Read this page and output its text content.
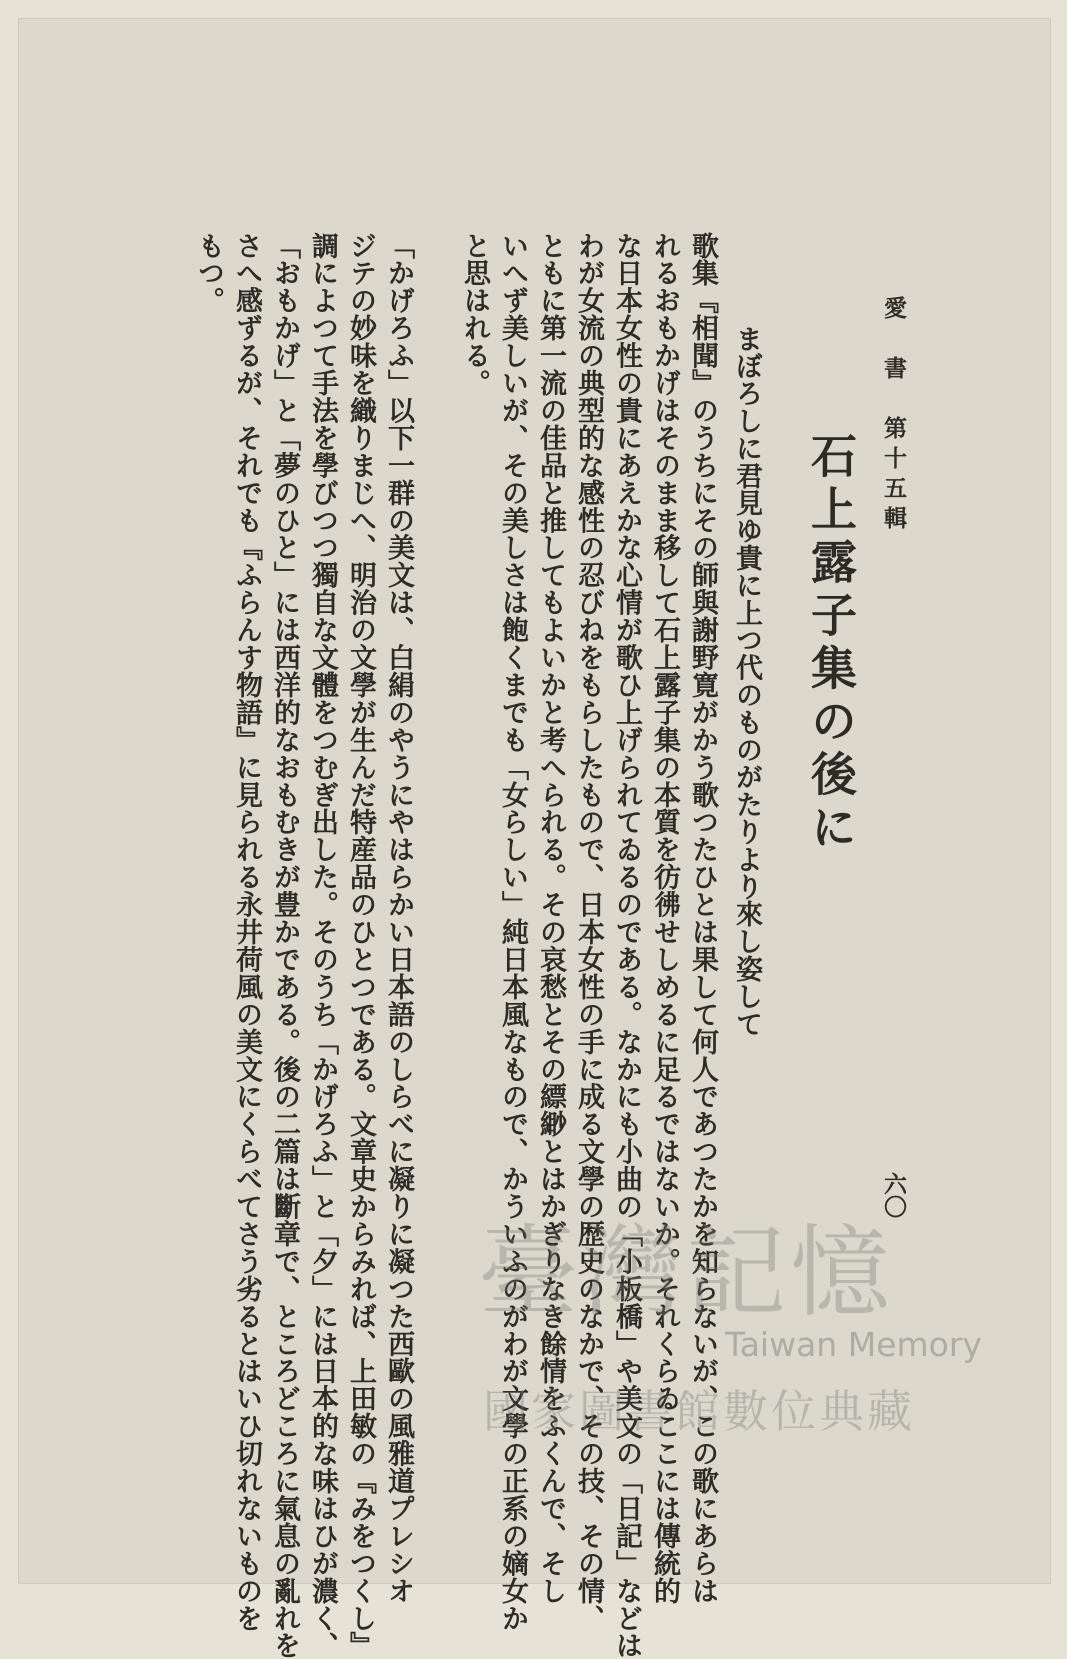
愛　書　第十五輯
六〇
石上露子集の後に
まぼろしに君見ゆ貴に上つ代のものがたりより來し姿して
歌集『相聞』のうちにその師與謝野寛がかう歌つたひとは果して何人であつたかを知らないが、この歌にあらは
れるおもかげはそのまま移して石上露子集の本質を彷彿せしめるに足るではないか。それくらゐここには傳統的
な日本女性の貴にあえかな心情が歌ひ上げられてゐるのである。なかにも小曲の「小板橋」や美文の「日記」などは
わが女流の典型的な感性の忍びねをもらしたもので、日本女性の手に成る文學の歴史のなかで、その技、その情、
ともに第一流の佳品と推してもよいかと考へられる。その哀愁とその縹緲とはかぎりなき餘情をふくんで、そし
いへず美しいが、その美しさは飽くまでも「女らしい」純日本風なもので、かういふのがわが文學の正系の嫡女か
と思はれる。
「かげろふ」以下一群の美文は、白絹のやうにやはらかい日本語のしらべに凝りに凝つた西歐の風雅道プレシオ
ジテの妙味を織りまじへ、明治の文學が生んだ特産品のひとつである。文章史からみれば、上田敏の『みをつくし』
調によつて手法を學びつつ獨自な文體をつむぎ出した。そのうち「かげろふ」と「夕」には日本的な味はひが濃く、
「おもかげ」と「夢のひと」には西洋的なおもむきが豊かである。後の二篇は斷章で、ところどころに氣息の亂れを
さへ感ずるが、それでも『ふらんす物語』に見られる永井荷風の美文にくらべてさう劣るとはいひ切れないものを
もつ。
臺灣記憶
Taiwan Memory
國家圖書館數位典藏
